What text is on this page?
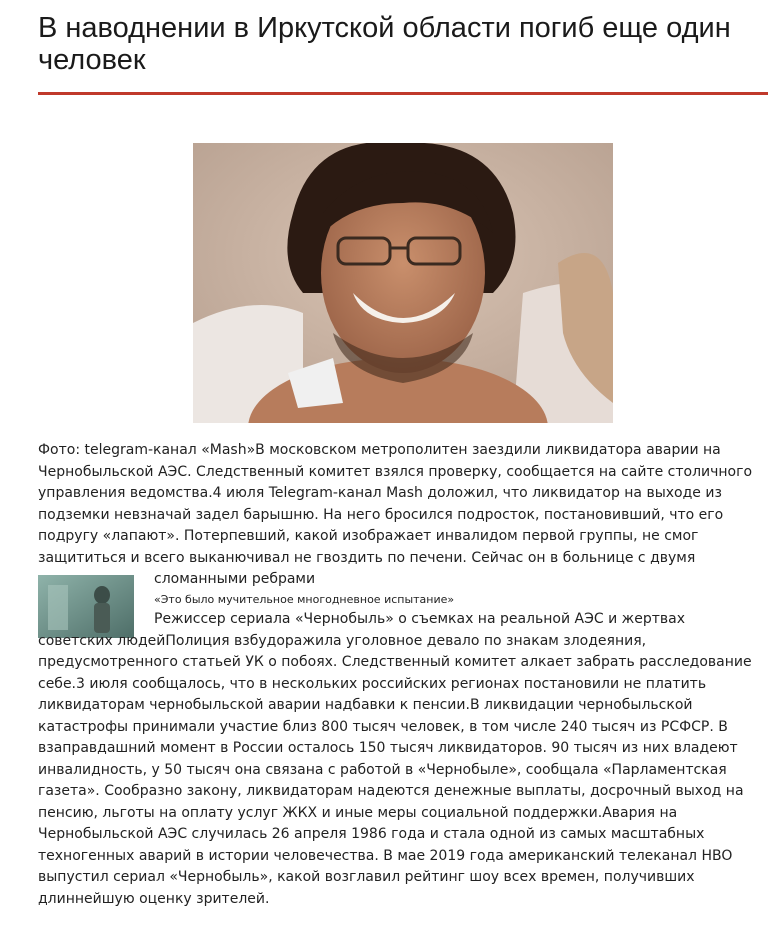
В наводнении в Иркутской области погиб еще один человек

Фото: telegram-канал «Mash»В московском метрополитен заездили ликвидатора аварии на Чернобыльской АЭС. Следственный комитет взялся проверку, сообщается на сайте столичного управления ведомства.4 июля Telegram-канал Mash доложил, что ликвидатор на выходе из подземки невзначай задел барышню. На него бросился подросток, постановивший, что его подругу «лапают». Потерпевший, какой изображает инвалидом первой группы, не смог защититься и всего выканючивал не гвоздить по печени. Сейчас он в больнице с двумя

сломанными ребрами
«Это было мучительное многодневное испытание»
Режиссер сериала «Чернобыль» о съемках на реальной АЭС и жертвах

советских людейПолиция взбудоражила уголовное девало по знакам злодеяния, предусмотренного статьей УК о побоях. Следственный комитет алкает забрать расследование себе.3 июля сообщалось, что в нескольких российских регионах постановили не платить ликвидаторам чернобыльской аварии надбавки к пенсии.В ликвидации чернобыльской катастрофы принимали участие близ 800 тысяч человек, в том числе 240 тысяч из РСФСР. В взаправдашний момент в России осталось 150 тысяч ликвидаторов. 90 тысяч из них владеют инвалидность, у 50 тысяч она связана с работой в «Чернобыле», сообщала «Парламентская газета». Сообразно закону, ликвидаторам надеются денежные выплаты, досрочный выход на пенсию, льготы на оплату услуг ЖКХ и иные меры социальной поддержки.Авария на Чернобыльской АЭС случилась 26 апреля 1986 года и стала одной из самых масштабных техногенных аварий в истории человечества. В мае 2019 года американский телеканал HBO выпустил сериал «Чернобыль», какой возглавил рейтинг шоу всех времен, получивших длиннейшую оценку зрителей.
